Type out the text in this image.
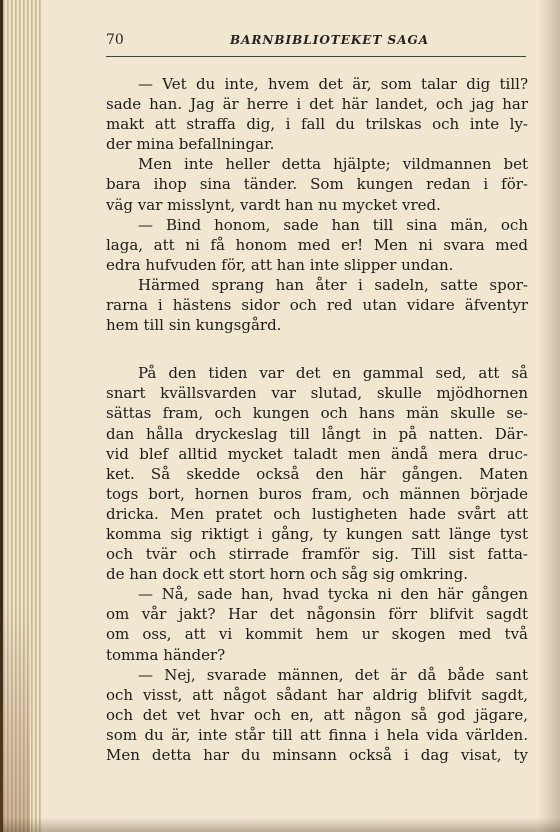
70	BARNBIBLIOTEKET SAGA
— Vet du inte, hvem det är, som talar dig till?
sade han. Jag är herre i det här landet, och jag har
makt att straffa dig, i fall du trilskas och inte ly-
der mina befallningar.
Men inte heller detta hjälpte; vildmannen bet
bara ihop sina tänder. Som kungen redan i för-
väg var misslynt, vardt han nu mycket vred.
— Bind honom, sade han till sina män, och
laga, att ni få honom med er! Men ni svara med
edra hufvuden för, att han inte slipper undan.
Härmed sprang han åter i sadeln, satte spor-
rarna i hästens sidor och red utan vidare äfventyr
hem till sin kungsgård.
På den tiden var det en gammal sed, att så
snart kvällsvarden var slutad, skulle mjödhornen
sättas fram, och kungen och hans män skulle se-
dan hålla dryckeslag till långt in på natten. Där-
vid blef alltid mycket taladt men ändå mera druc-
ket. Så skedde också den här gången. Maten
togs bort, hornen buros fram, och männen började
dricka. Men pratet och lustigheten hade svårt att
komma sig riktigt i gång, ty kungen satt länge tyst
och tvär och stirrade framför sig. Till sist fatta-
de han dock ett stort horn och såg sig omkring.
— Nå, sade han, hvad tycka ni den här gången
om vår jakt? Har det någonsin förr blifvit sagdt
om oss, att vi kommit hem ur skogen med två
tomma händer?
— Nej, svarade männen, det är då både sant
och visst, att något sådant har aldrig blifvit sagdt,
och det vet hvar och en, att någon så god jägare,
som du är, inte står till att finna i hela vida världen.
Men detta har du minsann också i dag visat, ty
